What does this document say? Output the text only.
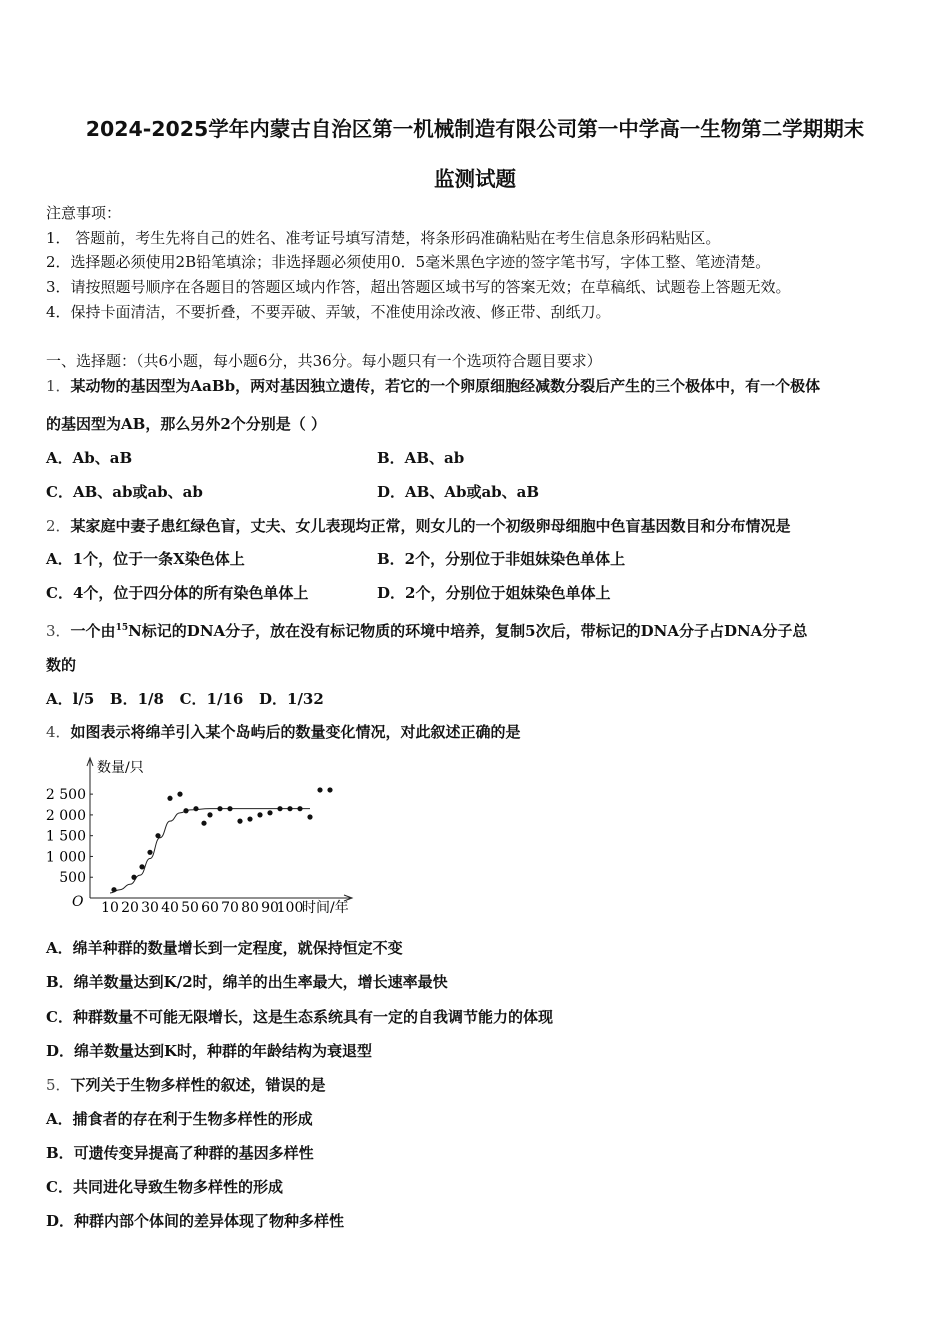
2024-2025学年内蒙古自治区第一机械制造有限公司第一中学高一生物第二学期期末
监测试题
注意事项：
1． 答题前，考生先将自己的姓名、准考证号填写清楚，将条形码准确粘贴在考生信息条形码粘贴区。
2．选择题必须使用2B铅笔填涂；非选择题必须使用0．5毫米黑色字迹的签字笔书写，字体工整、笔迹清楚。
3．请按照题号顺序在各题目的答题区域内作答，超出答题区域书写的答案无效；在草稿纸、试题卷上答题无效。
4．保持卡面清洁，不要折叠，不要弄破、弄皱，不准使用涂改液、修正带、刮纸刀。
一、选择题：（共6小题，每小题6分，共36分。每小题只有一个选项符合题目要求）
1．某动物的基因型为AaBb，两对基因独立遗传，若它的一个卵原细胞经减数分裂后产生的三个极体中，有一个极体
的基因型为AB，那么另外2个分别是（ ）
A．Ab、aB	B．AB、ab
C．AB、ab或ab、ab	D．AB、Ab或ab、aB
2．某家庭中妻子患红绿色盲，丈夫、女儿表现均正常，则女儿的一个初级卵母细胞中色盲基因数目和分布情况是
A．1个，位于一条X染色体上	B．2个，分别位于非姐妹染色单体上
C．4个，位于四分体的所有染色单体上	D．2个，分别位于姐妹染色单体上
3．一个由$^{15}$N标记的DNA分子，放在没有标记物质的环境中培养，复制5次后，带标记的DNA分子占DNA分子总
数的
A．l/5   B．1/8   C．1/16   D．1/32
4．如图表示将绵羊引入某个岛屿后的数量变化情况，对此叙述正确的是
500
1 000
1 500
2 000
2 500
10 20 30 40 50 60 70 80 90
100
数量/只
时间/年
O
A．绵羊种群的数量增长到一定程度，就保持恒定不变
B．绵羊数量达到K/2时，绵羊的出生率最大，增长速率最快
C．种群数量不可能无限增长，这是生态系统具有一定的自我调节能力的体现
D．绵羊数量达到K时，种群的年龄结构为衰退型
5．下列关于生物多样性的叙述，错误的是
A．捕食者的存在利于生物多样性的形成
B．可遗传变异提高了种群的基因多样性
C．共同进化导致生物多样性的形成
D．种群内部个体间的差异体现了物种多样性
